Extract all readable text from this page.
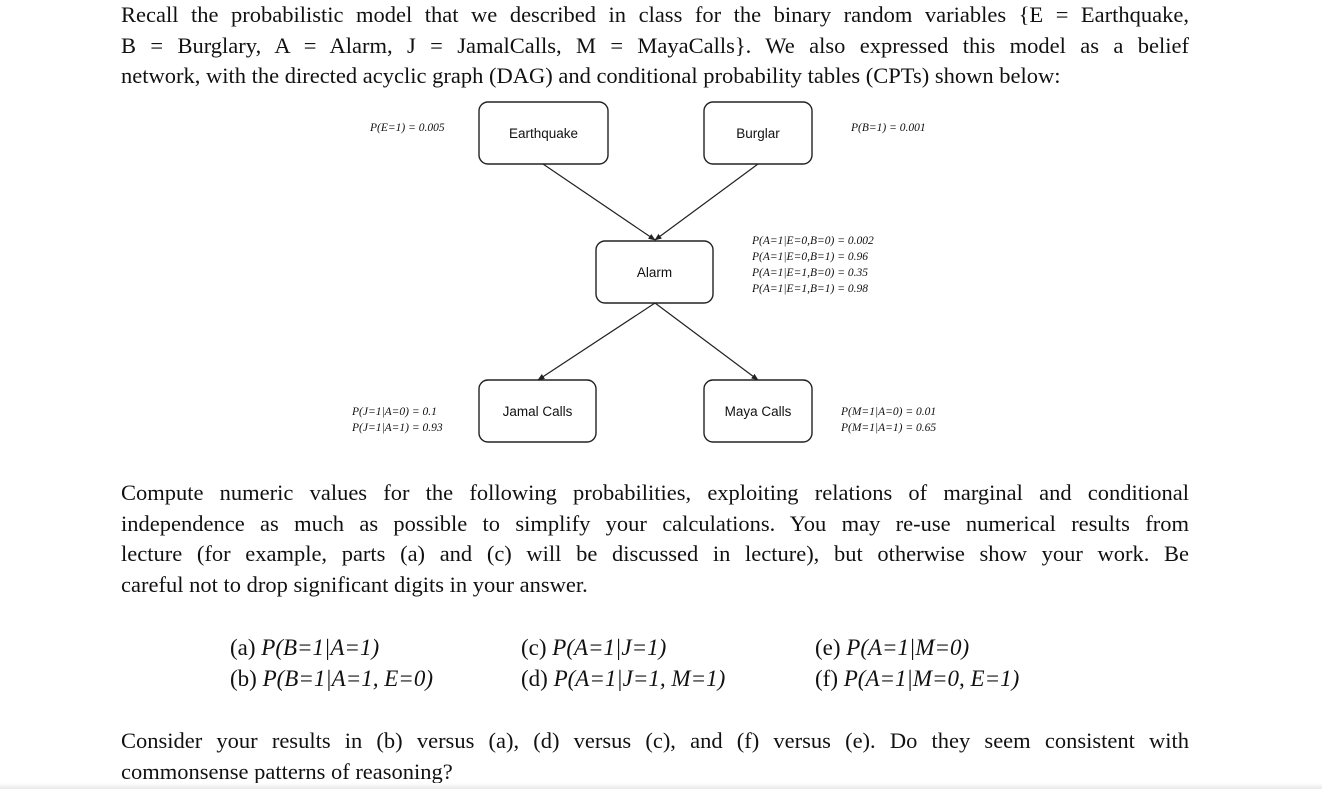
Recall the probabilistic model that we described in class for the binary random variables {E = Earthquake,
B = Burglary, A = Alarm, J = JamalCalls, M = MayaCalls}. We also expressed this model as a belief
network, with the directed acyclic graph (DAG) and conditional probability tables (CPTs) shown below:
Earthquake	Burglar
Alarm
Jamal Calls	Maya Calls
P(E=1) = 0.005	P(B=1) = 0.001
P(A=1|E=0,B=0) = 0.002
P(A=1|E=0,B=1) = 0.96
P(A=1|E=1,B=0) = 0.35
P(A=1|E=1,B=1) = 0.98
P(J=1|A=0) = 0.1
P(J=1|A=1) = 0.93
P(M=1|A=0) = 0.01
P(M=1|A=1) = 0.65
Compute numeric values for the following probabilities, exploiting relations of marginal and conditional
independence as much as possible to simplify your calculations. You may re-use numerical results from
lecture (for example, parts (a) and (c) will be discussed in lecture), but otherwise show your work. Be
careful not to drop significant digits in your answer.
(a) P(B=1|A=1)
(b) P(B=1|A=1, E=0)
(c) P(A=1|J=1)
(d) P(A=1|J=1, M=1)
(e) P(A=1|M=0)
(f) P(A=1|M=0, E=1)
Consider your results in (b) versus (a), (d) versus (c), and (f) versus (e). Do they seem consistent with
commonsense patterns of reasoning?
